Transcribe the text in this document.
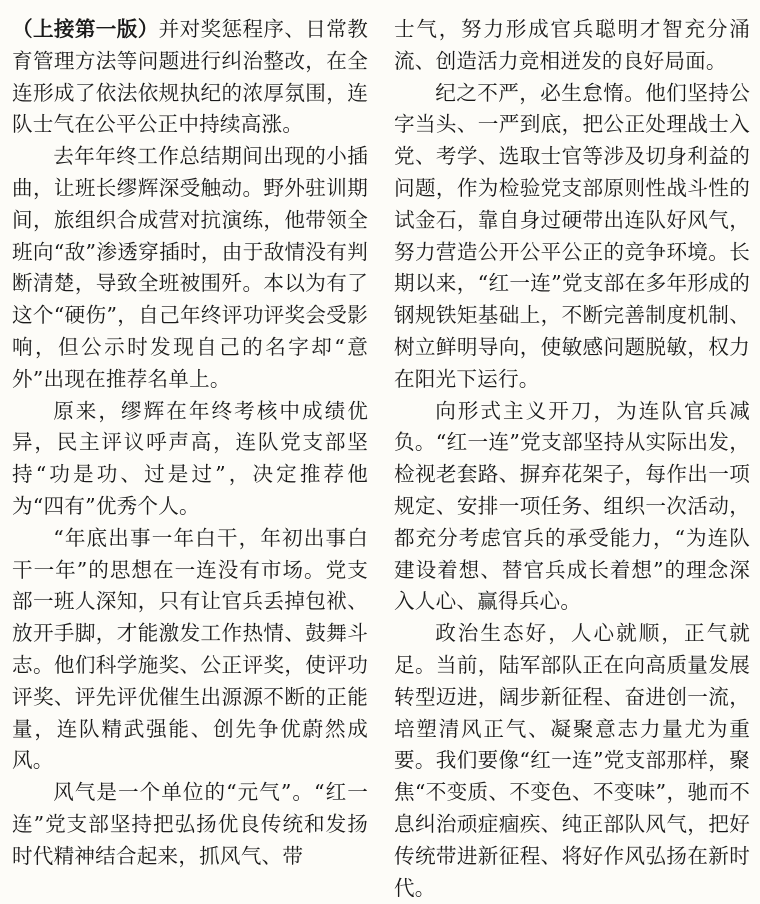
（上接第一版）并对奖惩程序、日常教育管理方法等问题进行纠治整改，在全连形成了依法依规执纪的浓厚氛围，连队士气在公平公正中持续高涨。

去年年终工作总结期间出现的小插曲，让班长缪辉深受触动。野外驻训期间，旅组织合成营对抗演练，他带领全班向“敌”渗透穿插时，由于敌情没有判断清楚，导致全班被围歼。本以为有了这个“硬伤”，自己年终评功评奖会受影响，但公示时发现自己的名字却“意外”出现在推荐名单上。

原来，缪辉在年终考核中成绩优异，民主评议呼声高，连队党支部坚持“功是功、过是过”，决定推荐他为“四有”优秀个人。

“年底出事一年白干，年初出事白干一年”的思想在一连没有市场。党支部一班人深知，只有让官兵丢掉包袱、放开手脚，才能激发工作热情、鼓舞斗志。他们科学施奖、公正评奖，使评功评奖、评先评优催生出源源不断的正能量，连队精武强能、创先争优蔚然成风。

风气是一个单位的“元气”。“红一连”党支部坚持把弘扬优良传统和发扬时代精神结合起来，抓风气、带

士气，努力形成官兵聪明才智充分涌流、创造活力竞相迸发的良好局面。

纪之不严，必生怠惰。他们坚持公字当头、一严到底，把公正处理战士入党、考学、选取士官等涉及切身利益的问题，作为检验党支部原则性战斗性的试金石，靠自身过硬带出连队好风气，努力营造公开公平公正的竞争环境。长期以来，“红一连”党支部在多年形成的钢规铁矩基础上，不断完善制度机制、树立鲜明导向，使敏感问题脱敏，权力在阳光下运行。

向形式主义开刀，为连队官兵减负。“红一连”党支部坚持从实际出发，检视老套路、摒弃花架子，每作出一项规定、安排一项任务、组织一次活动，都充分考虑官兵的承受能力，“为连队建设着想、替官兵成长着想”的理念深入人心、赢得兵心。

政治生态好，人心就顺，正气就足。当前，陆军部队正在向高质量发展转型迈进，阔步新征程、奋进创一流，培塑清风正气、凝聚意志力量尤为重要。我们要像“红一连”党支部那样，聚焦“不变质、不变色、不变味”，驰而不息纠治顽症痼疾、纯正部队风气，把好传统带进新征程、将好作风弘扬在新时代。
